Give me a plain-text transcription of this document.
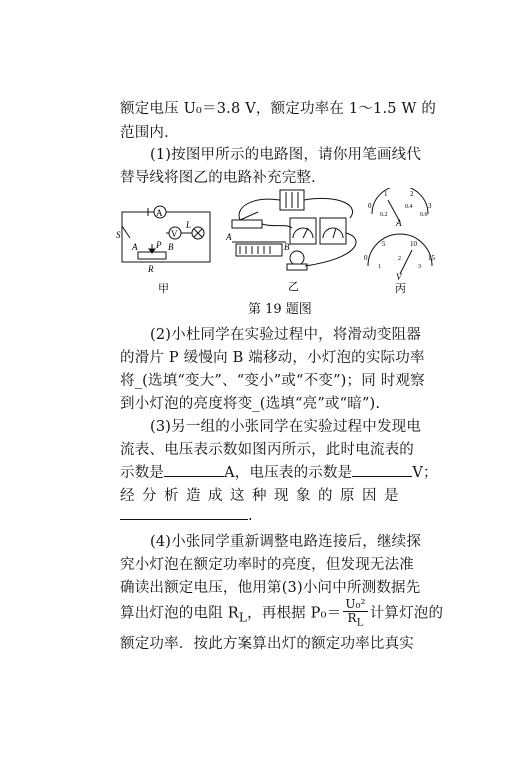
额定电压 U₀＝3.8 V，额定功率在 1～1.5 W 的
范围内.
(1)按图甲所示的电路图，请你用笔画线代
替导线将图乙的电路补充完整.
A
V
L
S
A P B
R
A
B
0
1	2
3
0.2
0.4
0.6
A
0
5	10
15
1
2
3
V
甲	乙	丙
第 19 题图
(2)小杜同学在实验过程中，将滑动变阻器
的滑片 P 缓慢向 B 端移动，小灯泡的实际功率
将_(选填“变大”、“变小”或“不变”)；同 时观察
到小灯泡的亮度将变_(选填“亮”或“暗”).
(3)另一组的小张同学在实验过程中发现电
流表、电压表示数如图丙所示，此时电流表的
示数是	A，电压表的示数是	V；
经分析造成这种现象的原因是
.
(4)小张同学重新调整电路连接后，继续探
究小灯泡在额定功率时的亮度，但发现无法准
确读出额定电压，他用第(3)小问中所测数据先
算出灯泡的电阻 $R_L$，再根据 $P_0= \frac{\text{U₀²}}{R_L}$ 计算灯泡的
额定功率．按此方案算出灯的额定功率比真实
